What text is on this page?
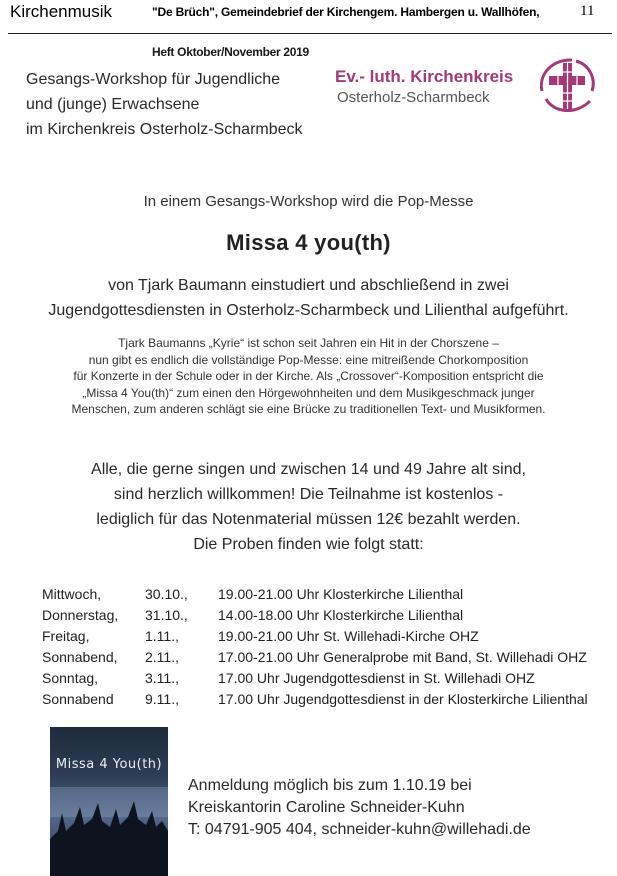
Kirchenmusik	"De Brüch", Gemeindebrief der Kirchengem. Hambergen u. Wallhöfen,	11
Heft Oktober/November 2019
Gesangs-Workshop für Jugendliche
und (junge) Erwachsene
im Kirchenkreis Osterholz-Scharmbeck
Ev.- luth. Kirchenkreis
Osterholz-Scharmbeck
In einem Gesangs-Workshop wird die Pop-Messe
Missa 4 you(th)
von Tjark Baumann einstudiert und abschließend in zwei
Jugendgottesdiensten in Osterholz-Scharmbeck und Lilienthal aufgeführt.
Tjark Baumanns „Kyrie“ ist schon seit Jahren ein Hit in der Chorszene –
nun gibt es endlich die vollständige Pop-Messe: eine mitreißende Chorkomposition
für Konzerte in der Schule oder in der Kirche. Als „Crossover“-Komposition entspricht die
„Missa 4 You(th)“ zum einen den Hörgewohnheiten und dem Musikgeschmack junger
Menschen, zum anderen schlägt sie eine Brücke zu traditionellen Text- und Musikformen.
Alle, die gerne singen und zwischen 14 und 49 Jahre alt sind,
sind herzlich willkommen! Die Teilnahme ist kostenlos -
lediglich für das Notenmaterial müssen 12€ bezahlt werden.
Die Proben finden wie folgt statt:
Mittwoch,	30.10., 19.00-21.00 Uhr Klosterkirche Lilienthal
Donnerstag, 31.10., 14.00-18.00 Uhr Klosterkirche Lilienthal
Freitag,	1.11.,	19.00-21.00 Uhr St. Willehadi-Kirche OHZ
Sonnabend, 2.11.,	17.00-21.00 Uhr Generalprobe mit Band, St. Willehadi OHZ
Sonntag,	3.11.,	17.00 Uhr Jugendgottesdienst in St. Willehadi OHZ
Sonnabend 9.11.,	17.00 Uhr Jugendgottesdienst in der Klosterkirche Lilienthal
Missa 4 You(th)
Anmeldung möglich bis zum 1.10.19 bei
Kreiskantorin Caroline Schneider-Kuhn
T: 04791-905 404, schneider-kuhn@willehadi.de
